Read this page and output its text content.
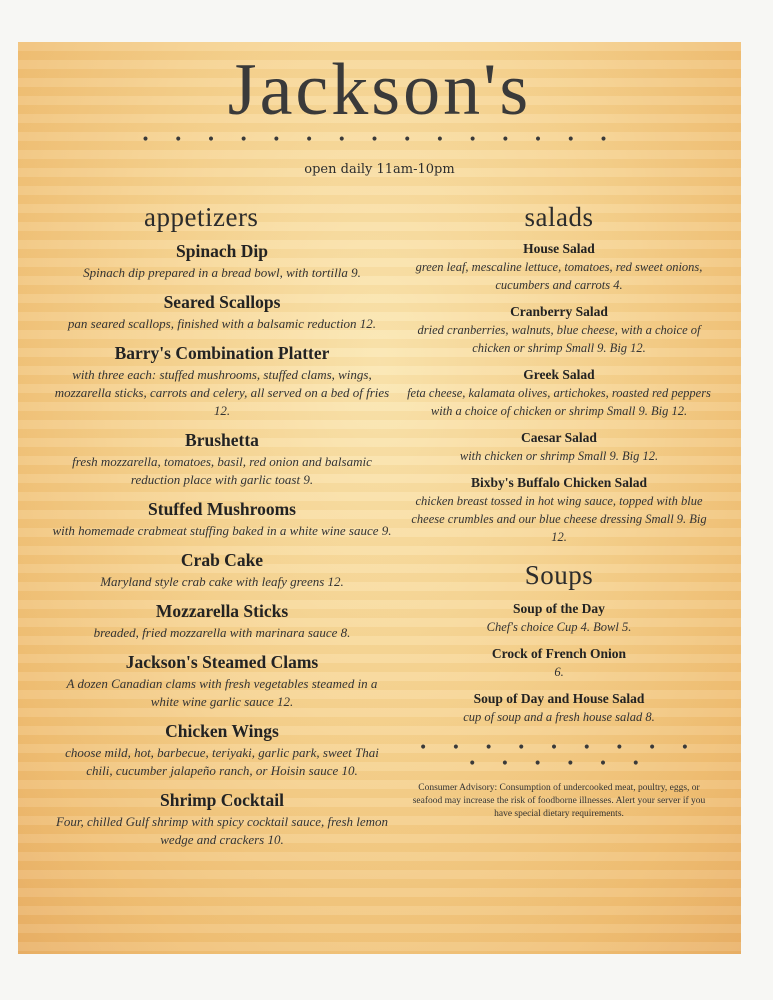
Jackson's
• • • • • • • • • • • • • • •
open daily 11am-10pm
appetizers
Spinach Dip
Spinach dip prepared in a bread bowl, with tortilla 9.
Seared Scallops
pan seared scallops, finished with a balsamic reduction 12.
Barry's Combination Platter
with three each: stuffed mushrooms, stuffed clams, wings, mozzarella sticks, carrots and celery, all served on a bed of fries 12.
Brushetta
fresh mozzarella, tomatoes, basil, red onion and balsamic reduction place with garlic toast 9.
Stuffed Mushrooms
with homemade crabmeat stuffing baked in a white wine sauce 9.
Crab Cake
Maryland style crab cake with leafy greens 12.
Mozzarella Sticks
breaded, fried mozzarella with marinara sauce 8.
Jackson's Steamed Clams
A dozen Canadian clams with fresh vegetables steamed in a white wine garlic sauce 12.
Chicken Wings
choose mild, hot, barbecue, teriyaki, garlic park, sweet Thai chili, cucumber jalapeño ranch, or Hoisin sauce 10.
Shrimp Cocktail
Four, chilled Gulf shrimp with spicy cocktail sauce, fresh lemon wedge and crackers 10.
salads
House Salad
green leaf, mescaline lettuce, tomatoes, red sweet onions, cucumbers and carrots 4.
Cranberry Salad
dried cranberries, walnuts, blue cheese, with a choice of chicken or shrimp Small 9. Big 12.
Greek Salad
feta cheese, kalamata olives, artichokes, roasted red peppers with a choice of chicken or shrimp Small 9. Big 12.
Caesar Salad
with chicken or shrimp Small 9. Big 12.
Bixby's Buffalo Chicken Salad
chicken breast tossed in hot wing sauce, topped with blue cheese crumbles and our blue cheese dressing Small 9. Big 12.
Soups
Soup of the Day
Chef's choice Cup 4. Bowl 5.
Crock of French Onion
6.
Soup of Day and House Salad
cup of soup and a fresh house salad 8.
• • • • • • • • • • • • • • •
Consumer Advisory: Consumption of undercooked meat, poultry, eggs, or seafood may increase the risk of foodborne illnesses. Alert your server if you have special dietary requirements.
